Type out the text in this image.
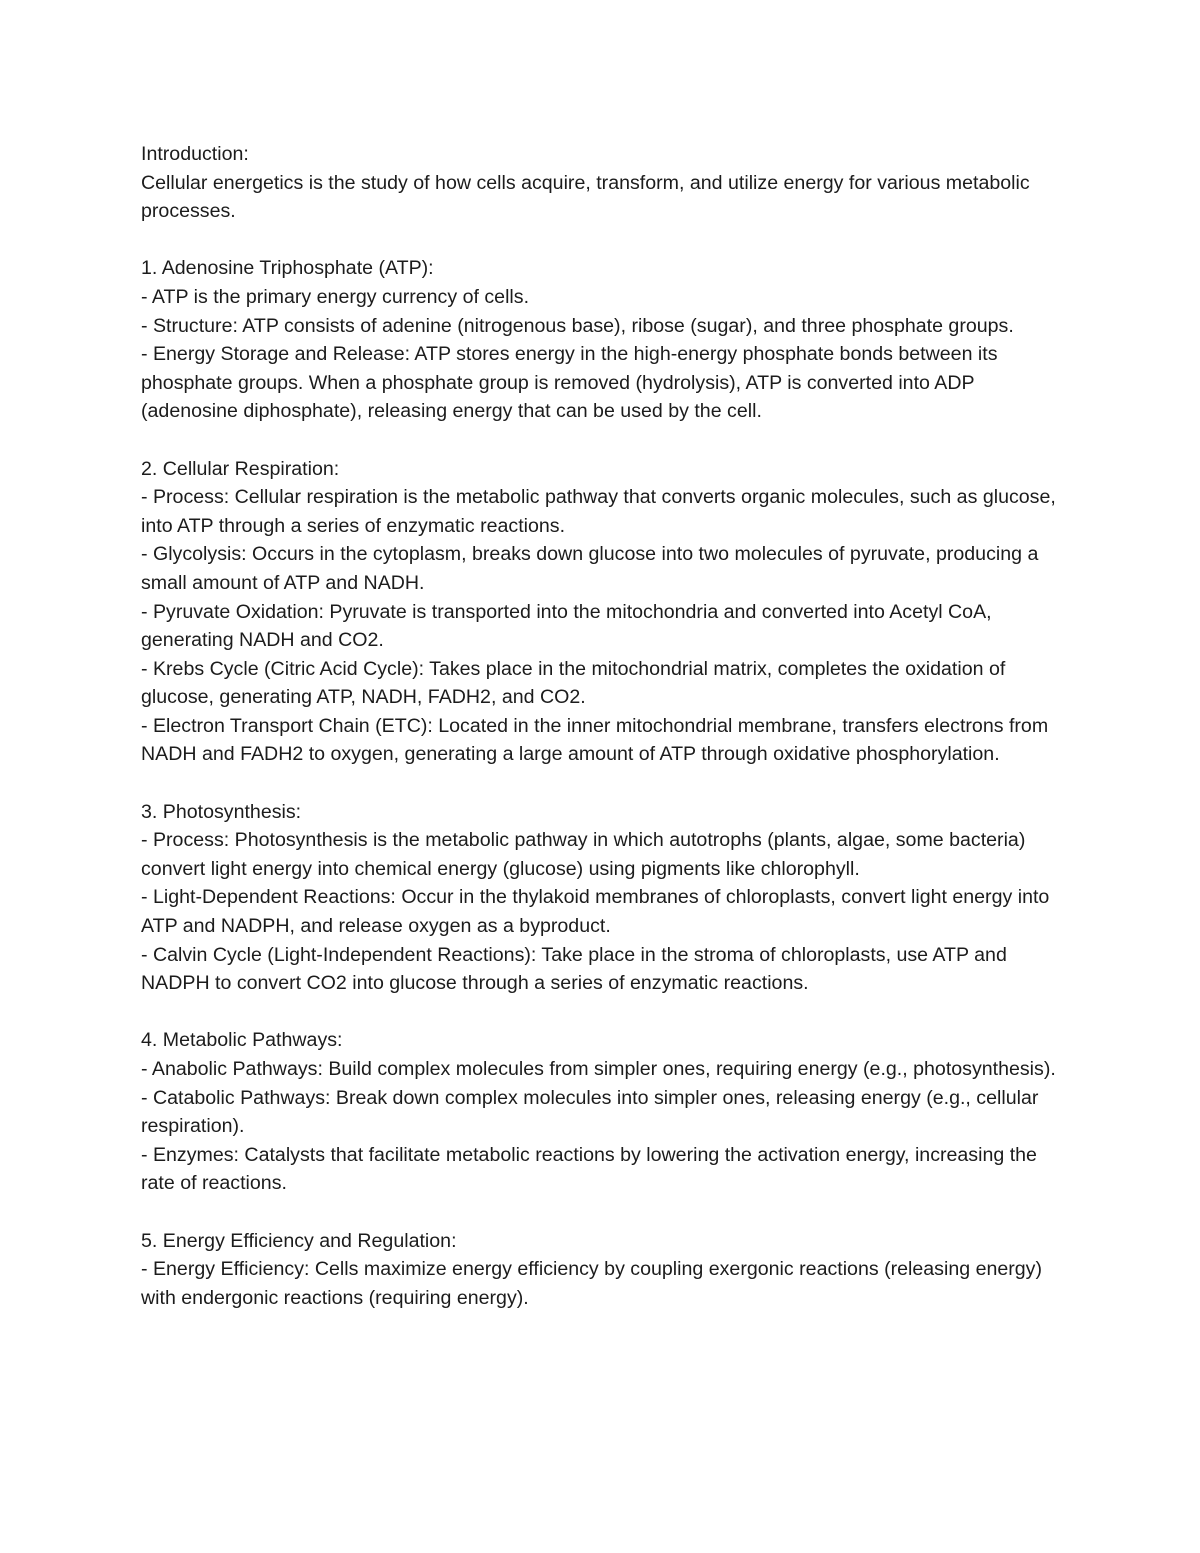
Introduction:

Cellular energetics is the study of how cells acquire, transform, and utilize energy for various metabolic processes.

1. Adenosine Triphosphate (ATP):

- ATP is the primary energy currency of cells.

- Structure: ATP consists of adenine (nitrogenous base), ribose (sugar), and three phosphate groups.

- Energy Storage and Release: ATP stores energy in the high-energy phosphate bonds between its phosphate groups. When a phosphate group is removed (hydrolysis), ATP is converted into ADP (adenosine diphosphate), releasing energy that can be used by the cell.

2. Cellular Respiration:

- Process: Cellular respiration is the metabolic pathway that converts organic molecules, such as glucose, into ATP through a series of enzymatic reactions.

- Glycolysis: Occurs in the cytoplasm, breaks down glucose into two molecules of pyruvate, producing a small amount of ATP and NADH.

- Pyruvate Oxidation: Pyruvate is transported into the mitochondria and converted into Acetyl CoA, generating NADH and CO2.

- Krebs Cycle (Citric Acid Cycle): Takes place in the mitochondrial matrix, completes the oxidation of glucose, generating ATP, NADH, FADH2, and CO2.

- Electron Transport Chain (ETC): Located in the inner mitochondrial membrane, transfers electrons from NADH and FADH2 to oxygen, generating a large amount of ATP through oxidative phosphorylation.

3. Photosynthesis:

- Process: Photosynthesis is the metabolic pathway in which autotrophs (plants, algae, some bacteria) convert light energy into chemical energy (glucose) using pigments like chlorophyll.

- Light-Dependent Reactions: Occur in the thylakoid membranes of chloroplasts, convert light energy into ATP and NADPH, and release oxygen as a byproduct.

- Calvin Cycle (Light-Independent Reactions): Take place in the stroma of chloroplasts, use ATP and NADPH to convert CO2 into glucose through a series of enzymatic reactions.

4. Metabolic Pathways:

- Anabolic Pathways: Build complex molecules from simpler ones, requiring energy (e.g., photosynthesis).

- Catabolic Pathways: Break down complex molecules into simpler ones, releasing energy (e.g., cellular respiration).

- Enzymes: Catalysts that facilitate metabolic reactions by lowering the activation energy, increasing the rate of reactions.

5. Energy Efficiency and Regulation:

- Energy Efficiency: Cells maximize energy efficiency by coupling exergonic reactions (releasing energy) with endergonic reactions (requiring energy).
